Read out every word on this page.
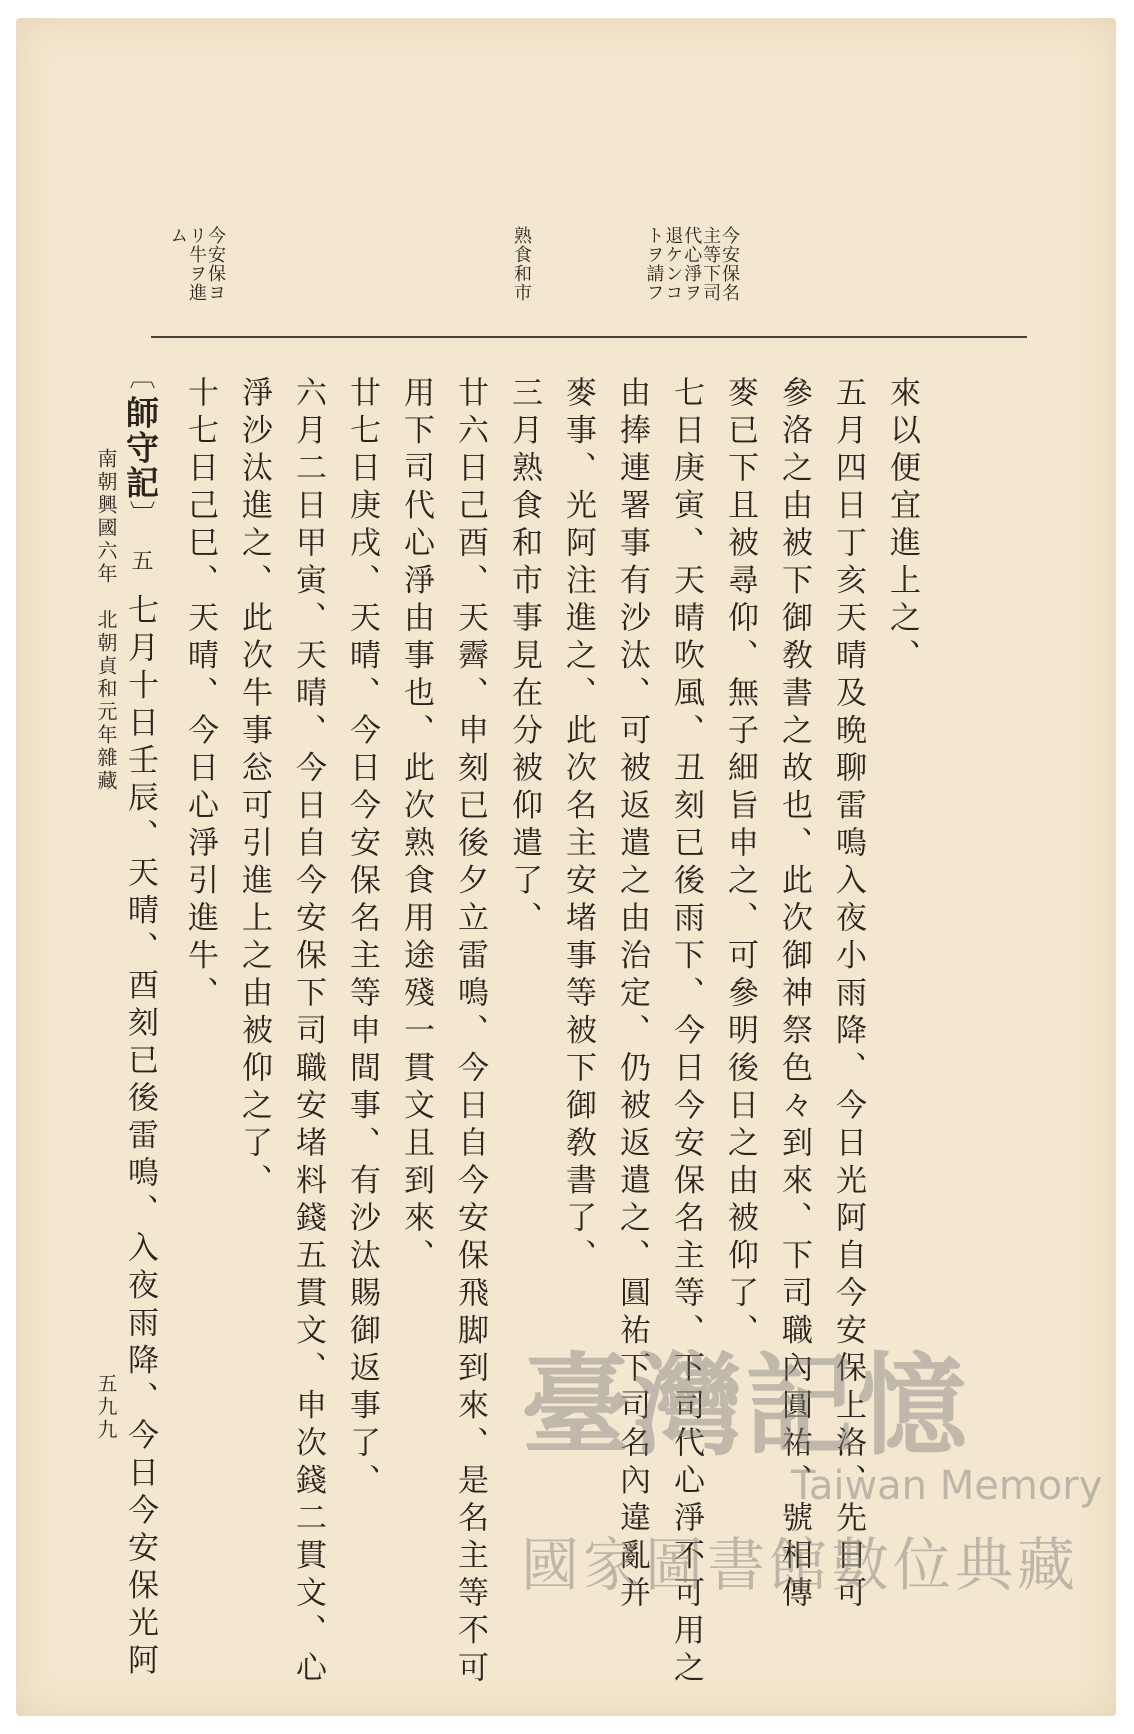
今安保名主等下司代心淨ヲ退ケンコトヲ請フ
熟食和市
今安保ヨリ牛ヲ進ム
來以便宜進上之、
五月四日丁亥天晴及晩聊雷鳴入夜小雨降、今日光阿自今安保上洛、先日可
參洛之由被下御敎書之故也、此次御神祭色々到來、下司職內圓祐、號相傳
麥已下且被尋仰、無子細旨申之、可參明後日之由被仰了、
七日庚寅、天晴吹風、丑刻已後雨下、今日今安保名主等、下司代心淨不可用之
由捧連署事有沙汰、可被返遣之由治定、仍被返遣之、圓祐下司名內違亂并
麥事、光阿注進之、此次名主安堵事等被下御敎書了、
三月熟食和市事見在分被仰遣了、
廿六日己酉、天霽、申刻已後夕立雷鳴、今日自今安保飛脚到來、是名主等不可
用下司代心淨由事也、此次熟食用途殘一貫文且到來、
廿七日庚戌、天晴、今日今安保名主等申間事、有沙汰賜御返事了、
六月二日甲寅、天晴、今日自今安保下司職安堵料錢五貫文、申次錢二貫文、心
淨沙汰進之、此次牛事忩可引進上之由被仰之了、
十七日己巳、天晴、今日心淨引進牛、
〔師守記〕五七月十日壬辰、天晴、酉刻已後雷鳴、入夜雨降、今日今安保光阿
南朝興國六年　北朝貞和元年雜藏
五九九	臺灣記憶
Taiwan Memory
國家圖書館數位典藏
